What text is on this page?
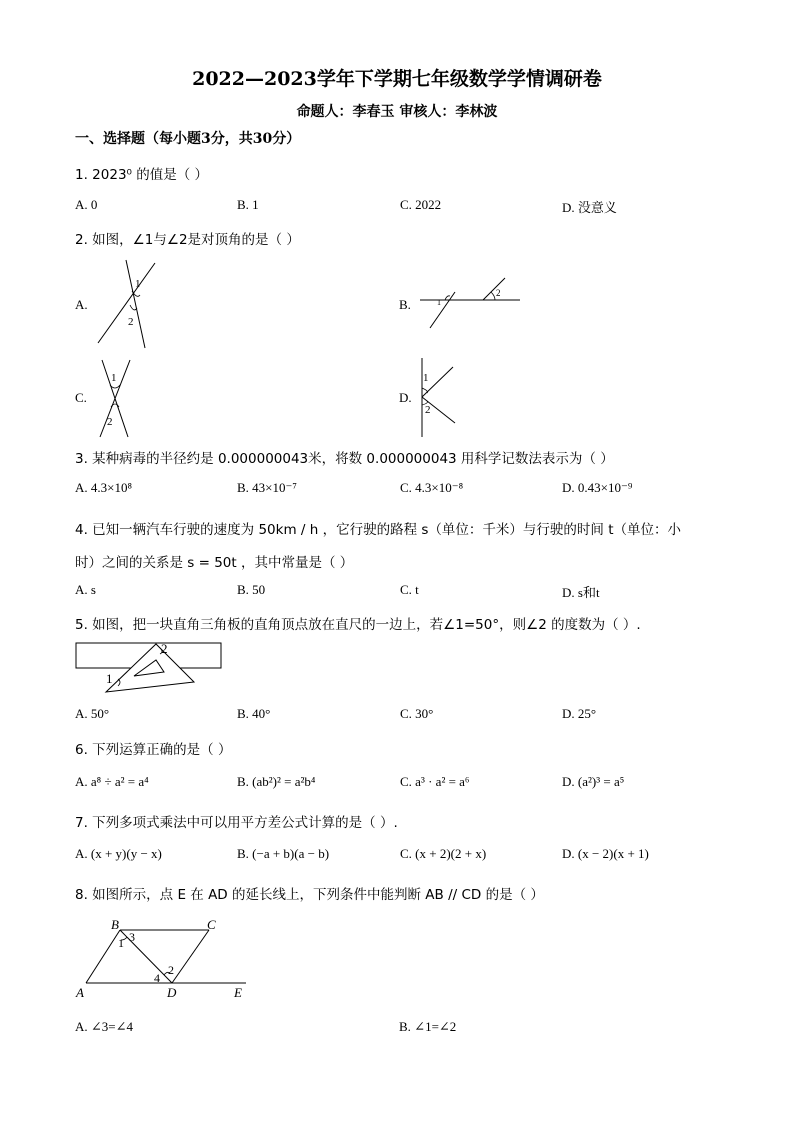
2022—2023学年下学期七年级数学学情调研卷
命题人：李春玉 审核人：李林波
一、选择题（每小题3分，共30分）
1. 2023⁰ 的值是（ ）
A. 0	B. 1	C. 2022	D. 没意义
2. 如图，∠1与∠2是对顶角的是（ ）
A.	B.
C.	D.
1
2
1
2
1
2
1
2
3. 某种病毒的半径约是 0.000000043米，将数 0.000000043 用科学记数法表示为（ ）
A. 4.3×10⁸	B. 43×10⁻⁷	C. 4.3×10⁻⁸	D. 0.43×10⁻⁹
4. 已知一辆汽车行驶的速度为 50km / h ，它行驶的路程 s（单位：千米）与行驶的时间 t（单位：小
时）之间的关系是 s = 50t ，其中常量是（ ）
A. s	B. 50	C. t	D. s和t
5. 如图，把一块直角三角板的直角顶点放在直尺的一边上，若∠1=50°，则∠2 的度数为（ ）.
1
2
A. 50°	B. 40°	C. 30°	D. 25°
6. 下列运算正确的是（ ）
A. a⁸ ÷ a² = a⁴	B. (ab²)² = a²b⁴	C. a³ · a² = a⁶	D. (a²)³ = a⁵
7. 下列多项式乘法中可以用平方差公式计算的是（ ）.
A. (x + y)(y − x)	B. (−a + b)(a − b)	C. (x + 2)(2 + x)	D. (x − 2)(x + 1)
8. 如图所示，点 E 在 AD 的延长线上，下列条件中能判断 AB // CD 的是（ ）
B	C
A	D	E
1 3
4
2
A. ∠3=∠4	B. ∠1=∠2
